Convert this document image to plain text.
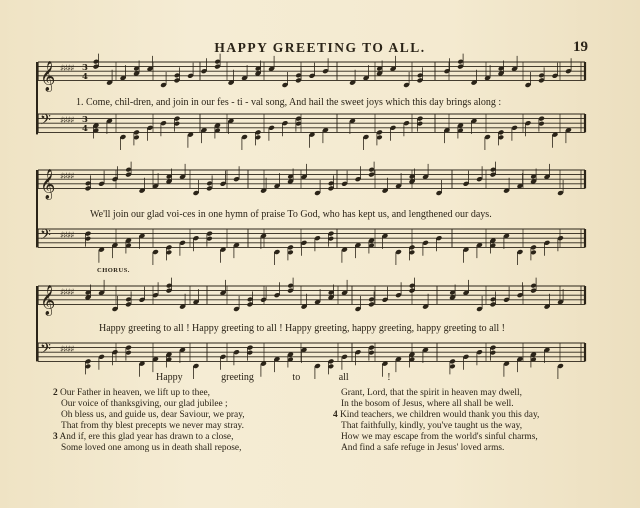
HAPPY GREETING TO ALL.	19
𝄞 ♯♯♯♯ 3
4
𝄢 ♯♯♯♯ 3
4
𝄞 ♯♯♯♯
𝄢 ♯♯♯♯
𝄞 ♯♯♯♯
𝄢 ♯♯♯♯
1. Come, chil-dren, and join in our fes - ti - val song, And hail the sweet joys which this day brings along :
We'll join our glad voi-ces in one hymn of praise To God, who has kept us, and lengthened our days.
CHORUS.
Happy greeting to all ! Happy greeting to all ! Happy greeting, happy greeting, happy greeting to all !
Happy greeting to all !
2 Our Father in heaven, we lift up to thee,
Our voice of thanksgiving, our glad jubilee ;
Oh bless us, and guide us, dear Saviour, we pray,
That from thy blest precepts we never may stray.
3 And if, ere this glad year has drawn to a close,
Some loved one among us in death shall repose,
Grant, Lord, that the spirit in heaven may dwell,
In the bosom of Jesus, where all shall be well.
4 Kind teachers, we children would thank you this day,
That faithfully, kindly, you've taught us the way,
How we may escape from the world's sinful charms,
And find a safe refuge in Jesus' loved arms.
